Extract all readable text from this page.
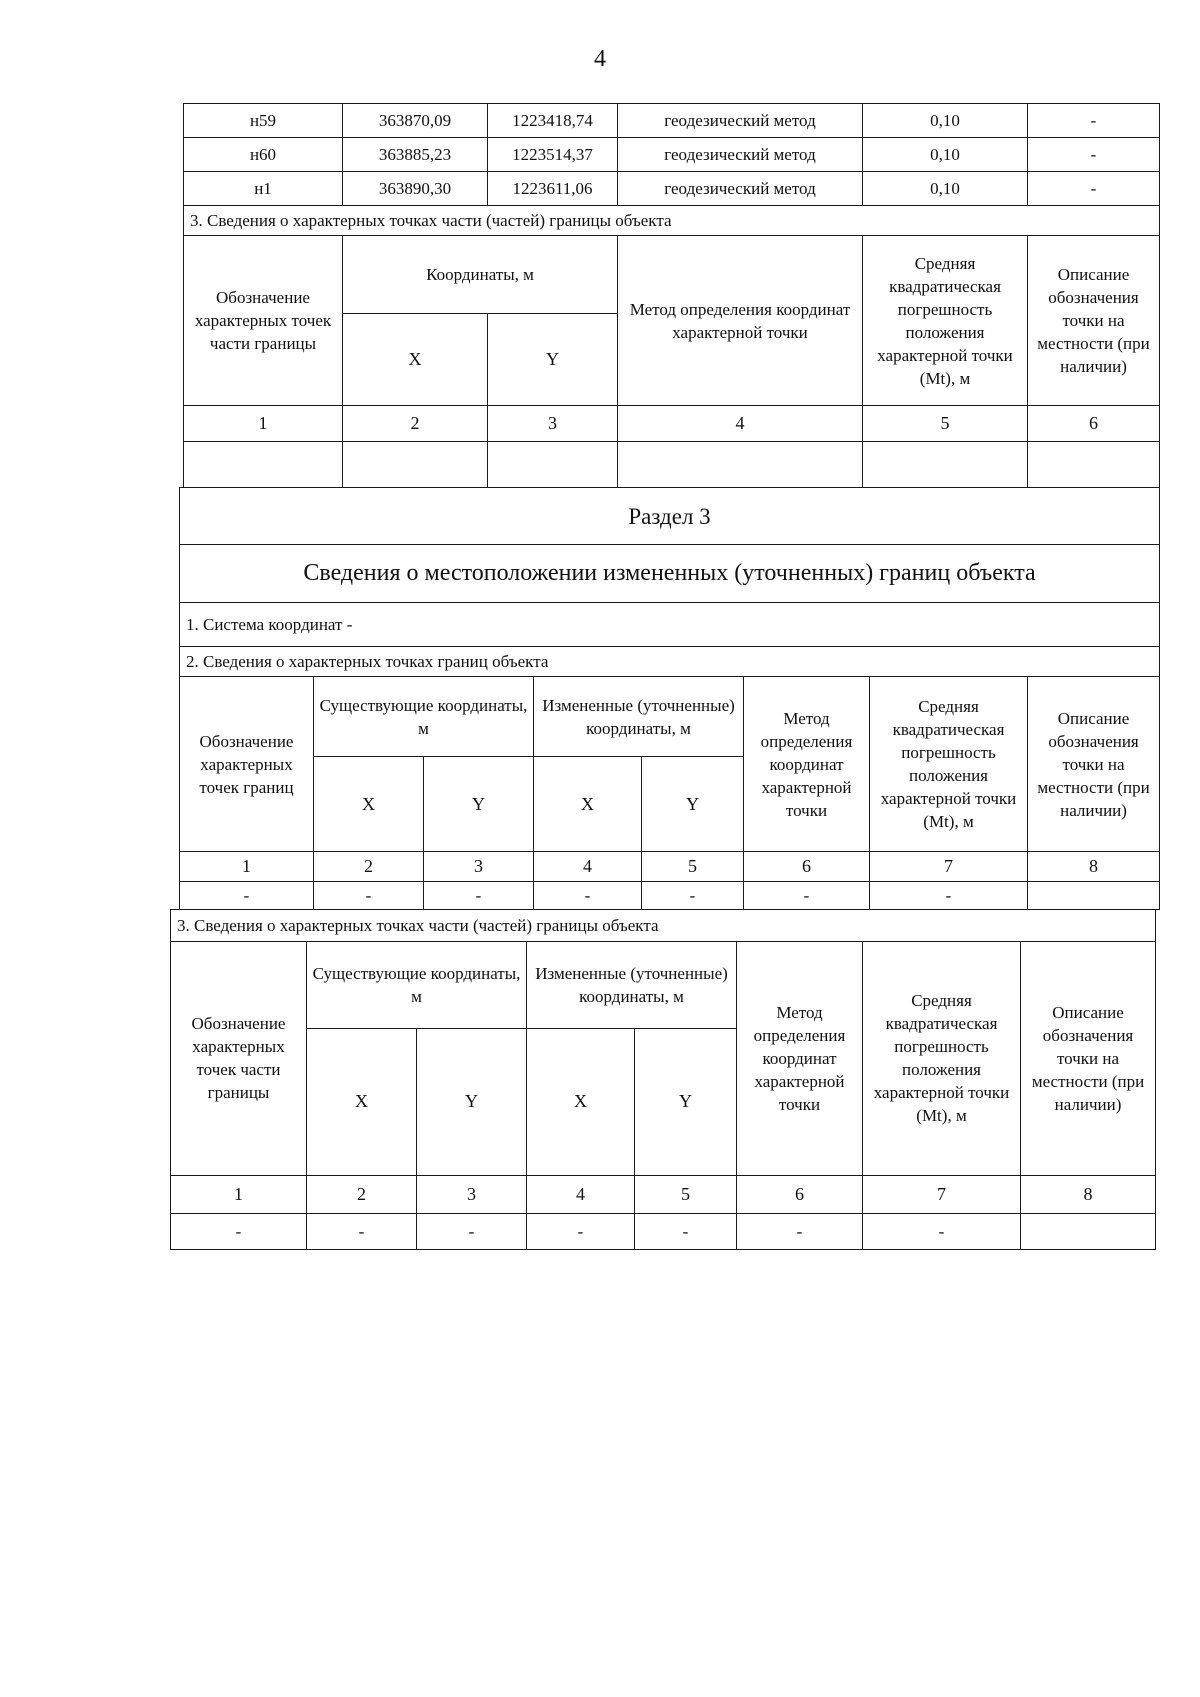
4
н59	363870,09	1223418,74	геодезический метод	0,10	-
н60	363885,23	1223514,37	геодезический метод	0,10	-
н1	363890,30	1223611,06	геодезический метод	0,10	-
3. Сведения о характерных точках части (частей) границы объекта					
Обозначение характерных точек части границы	Координаты, м		Метод определения координат характерной точки	Средняя квадратическая погрешность положения характерной точки (Mt), м	Описание обозначения точки на местности (при наличии)
	X	Y			
1	2	3	4	5	6

Раздел 3							
Сведения о местоположении измененных (уточненных) границ объекта							
1. Система координат -							
2. Сведения о характерных точках границ объекта							
Обозначение характерных точек границ	Существующие координаты, м		Измененные (уточненные) координаты, м		Метод определения координат характерной точки	Средняя квадратическая погрешность положения характерной точки (Mt), м	Описание обозначения точки на местности (при наличии)
	X	Y	X	Y			
1	2	3	4	5	6	7	8
-	-	-	-	-	-	-	
3. Сведения о характерных точках части (частей) границы объекта							
Обозначение характерных точек части границы	Существующие координаты, м		Измененные (уточненные) координаты, м		Метод определения координат характерной точки	Средняя квадратическая погрешность положения характерной точки (Mt), м	Описание обозначения точки на местности (при наличии)
	X	Y	X	Y			
1	2	3	4	5	6	7	8
-	-	-	-	-	-	-	
